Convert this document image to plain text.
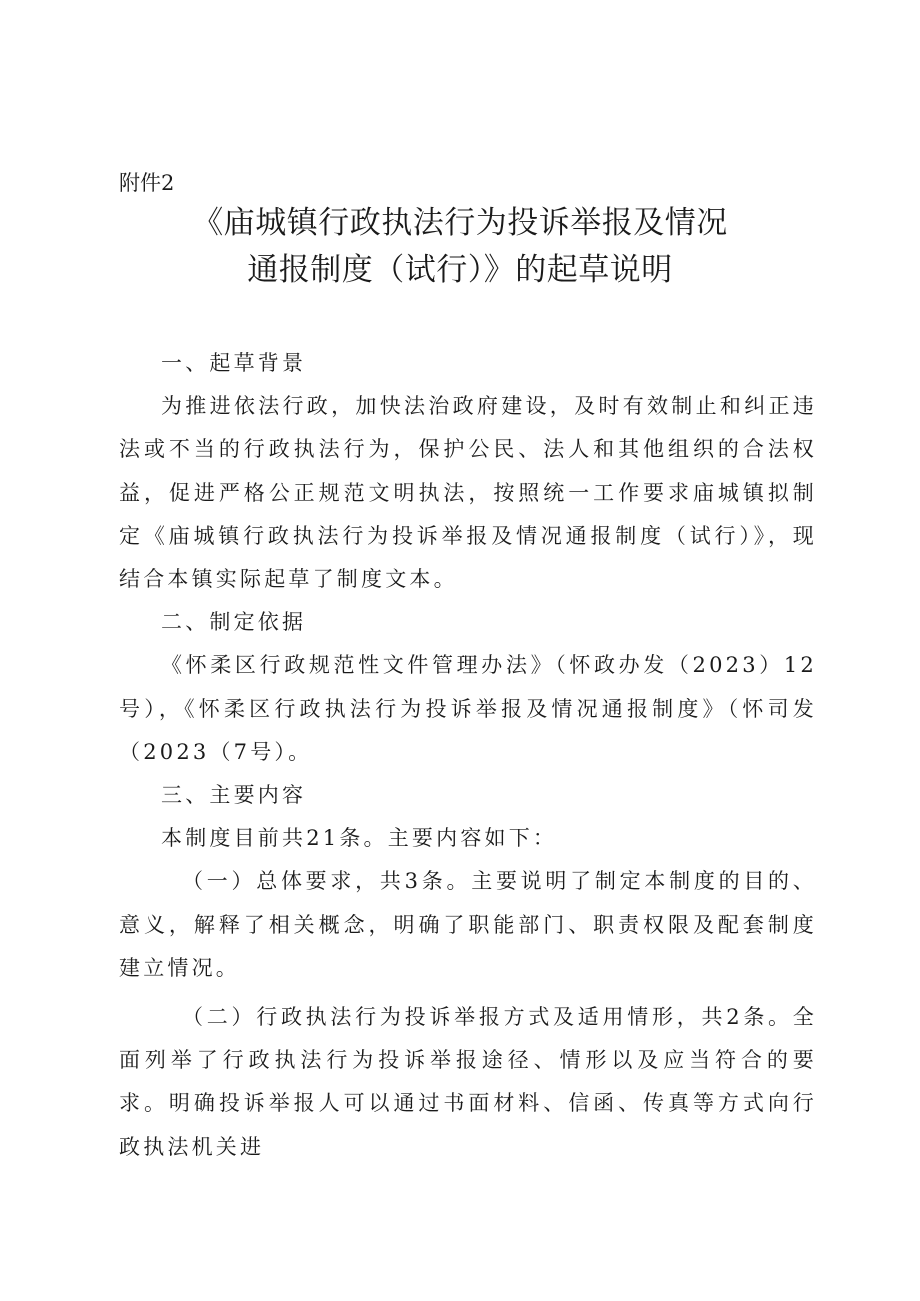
附件2

《庙城镇行政执法行为投诉举报及情况
通报制度（试行）》的起草说明

一、起草背景

为推进依法行政，加快法治政府建设，及时有效制止和纠正违法或不当的行政执法行为，保护公民、法人和其他组织的合法权益，促进严格公正规范文明执法，按照统一工作要求庙城镇拟制定《庙城镇行政执法行为投诉举报及情况通报制度（试行）》，现结合本镇实际起草了制度文本。

二、制定依据

《怀柔区行政规范性文件管理办法》（怀政办发（2023）12号），《怀柔区行政执法行为投诉举报及情况通报制度》（怀司发（2023（7号）。

三、主要内容

本制度目前共21条。主要内容如下：

（一）总体要求，共3条。主要说明了制定本制度的目的、意义，解释了相关概念，明确了职能部门、职责权限及配套制度建立情况。

（二）行政执法行为投诉举报方式及适用情形，共2条。全面列举了行政执法行为投诉举报途径、情形以及应当符合的要求。明确投诉举报人可以通过书面材料、信函、传真等方式向行政执法机关进
